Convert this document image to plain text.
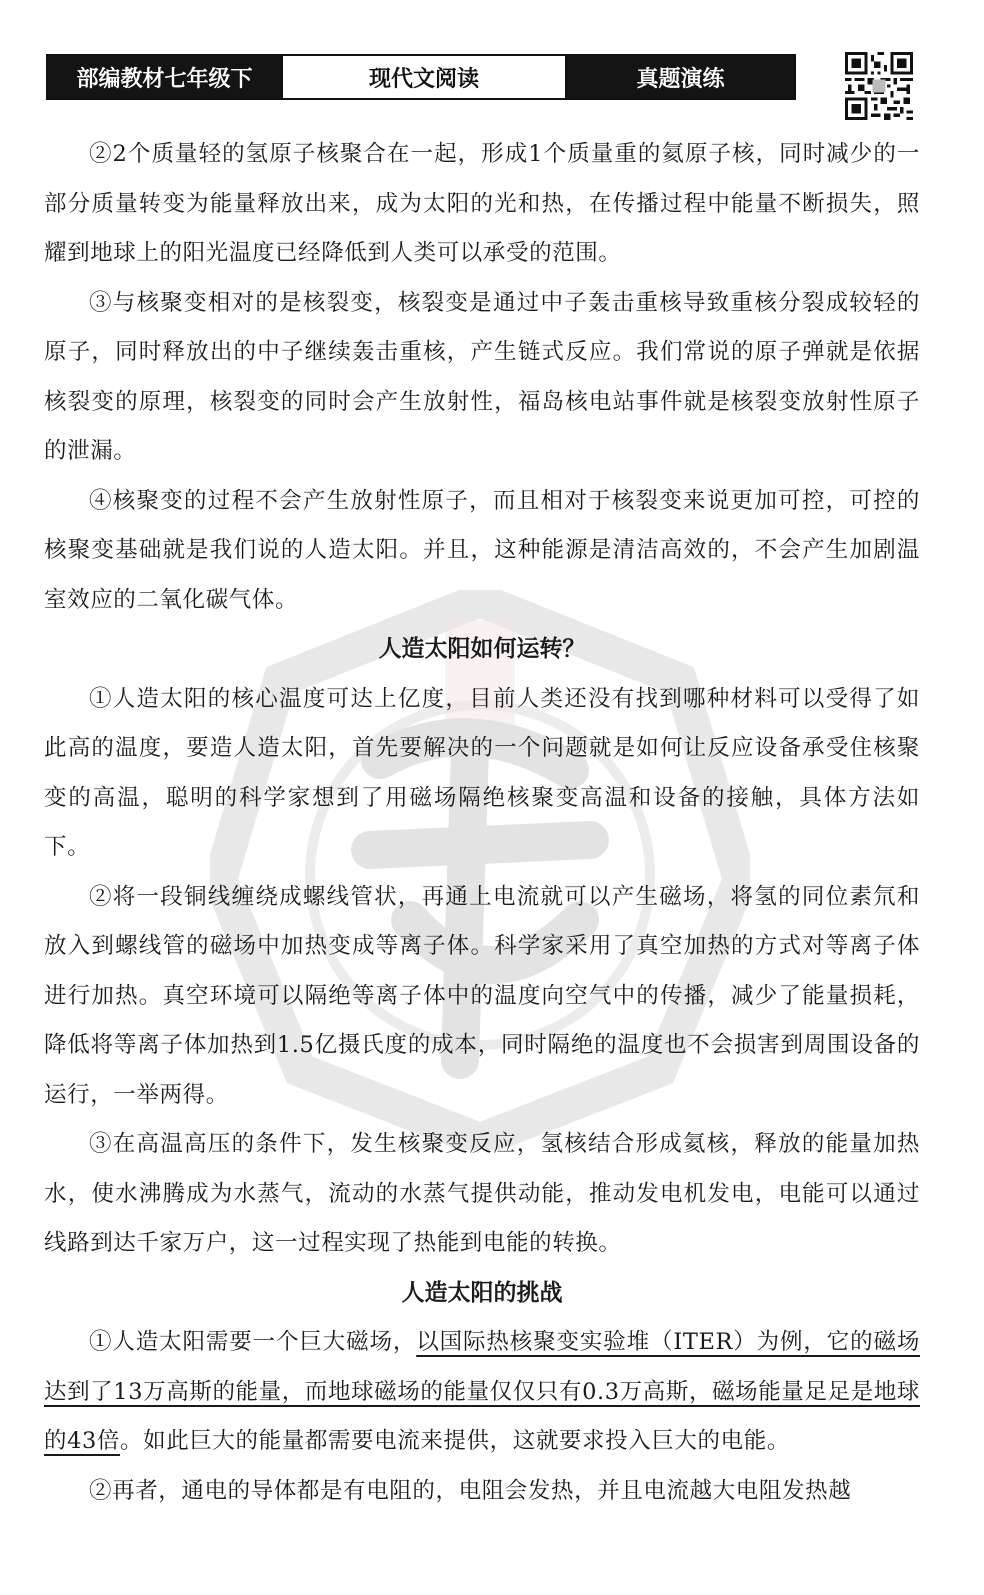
部编教材七年级下	现代文阅读	真题演练

②2个质量轻的氢原子核聚合在一起，形成1个质量重的氦原子核，同时减少的一部分质量转变为能量释放出来，成为太阳的光和热，在传播过程中能量不断损失，照耀到地球上的阳光温度已经降低到人类可以承受的范围。

③与核聚变相对的是核裂变，核裂变是通过中子轰击重核导致重核分裂成较轻的原子，同时释放出的中子继续轰击重核，产生链式反应。我们常说的原子弹就是依据核裂变的原理，核裂变的同时会产生放射性，福岛核电站事件就是核裂变放射性原子的泄漏。

④核聚变的过程不会产生放射性原子，而且相对于核裂变来说更加可控，可控的核聚变基础就是我们说的人造太阳。并且，这种能源是清洁高效的，不会产生加剧温室效应的二氧化碳气体。

人造太阳如何运转？

①人造太阳的核心温度可达上亿度，目前人类还没有找到哪种材料可以受得了如此高的温度，要造人造太阳，首先要解决的一个问题就是如何让反应设备承受住核聚变的高温，聪明的科学家想到了用磁场隔绝核聚变高温和设备的接触，具体方法如下。

②将一段铜线缠绕成螺线管状，再通上电流就可以产生磁场，将氢的同位素氘和放入到螺线管的磁场中加热变成等离子体。科学家采用了真空加热的方式对等离子体进行加热。真空环境可以隔绝等离子体中的温度向空气中的传播，减少了能量损耗，降低将等离子体加热到1.5亿摄氏度的成本，同时隔绝的温度也不会损害到周围设备的运行，一举两得。

③在高温高压的条件下，发生核聚变反应，氢核结合形成氦核，释放的能量加热水，使水沸腾成为水蒸气，流动的水蒸气提供动能，推动发电机发电，电能可以通过线路到达千家万户，这一过程实现了热能到电能的转换。

人造太阳的挑战

①人造太阳需要一个巨大磁场，以国际热核聚变实验堆（ITER）为例，它的磁场达到了13万高斯的能量，而地球磁场的能量仅仅只有0.3万高斯，磁场能量足足是地球的43倍。如此巨大的能量都需要电流来提供，这就要求投入巨大的电能。

②再者，通电的导体都是有电阻的，电阻会发热，并且电流越大电阻发热越
